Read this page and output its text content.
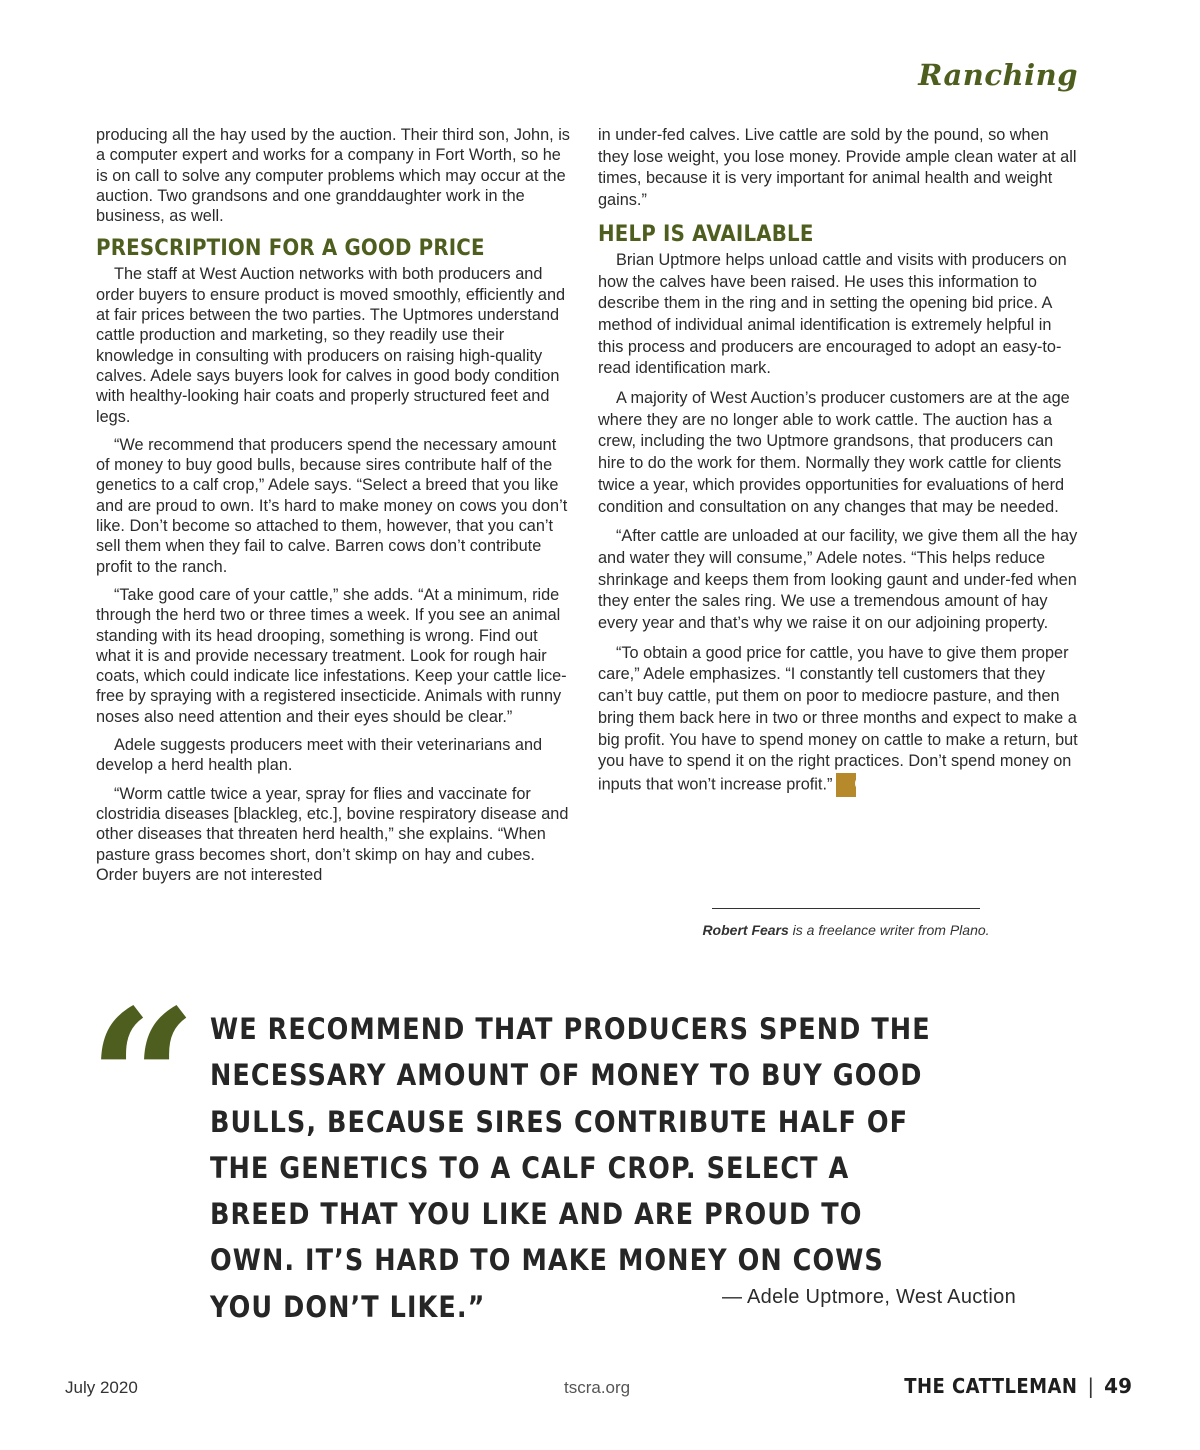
Ranching

producing all the hay used by the auction. Their third son, John, is a computer expert and works for a company in Fort Worth, so he is on call to solve any computer problems which may occur at the auction. Two grandsons and one granddaughter work in the business, as well.

PRESCRIPTION FOR A GOOD PRICE

The staff at West Auction networks with both producers and order buyers to ensure product is moved smoothly, efficiently and at fair prices between the two parties. The Uptmores understand cattle production and marketing, so they readily use their knowledge in consulting with producers on raising high-quality calves. Adele says buyers look for calves in good body condition with healthy-looking hair coats and properly structured feet and legs.

“We recommend that producers spend the necessary amount of money to buy good bulls, because sires contribute half of the genetics to a calf crop,” Adele says. “Select a breed that you like and are proud to own. It’s hard to make money on cows you don’t like. Don’t become so attached to them, however, that you can’t sell them when they fail to calve. Barren cows don’t contribute profit to the ranch.

“Take good care of your cattle,” she adds. “At a minimum, ride through the herd two or three times a week. If you see an animal standing with its head drooping, something is wrong. Find out what it is and provide necessary treatment. Look for rough hair coats, which could indicate lice infestations. Keep your cattle lice-free by spraying with a registered insecticide. Animals with runny noses also need attention and their eyes should be clear.”

Adele suggests producers meet with their veterinarians and develop a herd health plan.

“Worm cattle twice a year, spray for flies and vaccinate for clostridia diseases [blackleg, etc.], bovine respiratory disease and other diseases that threaten herd health,” she explains. “When pasture grass becomes short, don’t skimp on hay and cubes. Order buyers are not interested

in under-fed calves. Live cattle are sold by the pound, so when they lose weight, you lose money. Provide ample clean water at all times, because it is very important for animal health and weight gains.”

HELP IS AVAILABLE

Brian Uptmore helps unload cattle and visits with producers on how the calves have been raised. He uses this information to describe them in the ring and in setting the opening bid price. A method of individual animal identification is extremely helpful in this process and producers are encouraged to adopt an easy-to-read identification mark.

A majority of West Auction’s producer customers are at the age where they are no longer able to work cattle. The auction has a crew, including the two Uptmore grandsons, that producers can hire to do the work for them. Normally they work cattle for clients twice a year, which provides opportunities for evaluations of herd condition and consultation on any changes that may be needed.

“After cattle are unloaded at our facility, we give them all the hay and water they will consume,” Adele notes. “This helps reduce shrinkage and keeps them from looking gaunt and under-fed when they enter the sales ring. We use a tremendous amount of hay every year and that’s why we raise it on our adjoining property.

“To obtain a good price for cattle, you have to give them proper care,” Adele emphasizes. “I constantly tell customers that they can’t buy cattle, put them on poor to mediocre pasture, and then bring them back here in two or three months and expect to make a big profit. You have to spend money on cattle to make a return, but you have to spend it on the right practices. Don’t spend money on inputs that won’t increase profit.” C

Robert Fears is a freelance writer from Plano.
“ WE RECOMMEND THAT PRODUCERS SPEND THE NECESSARY AMOUNT OF MONEY TO BUY GOOD BULLS, BECAUSE SIRES CONTRIBUTE HALF OF THE GENETICS TO A CALF CROP. SELECT A BREED THAT YOU LIKE AND ARE PROUD TO OWN. IT’S HARD TO MAKE MONEY ON COWS YOU DON’T LIKE.”	— Adele Uptmore, West Auction
July 2020	tscra.org	THE CATTLEMAN | 49
